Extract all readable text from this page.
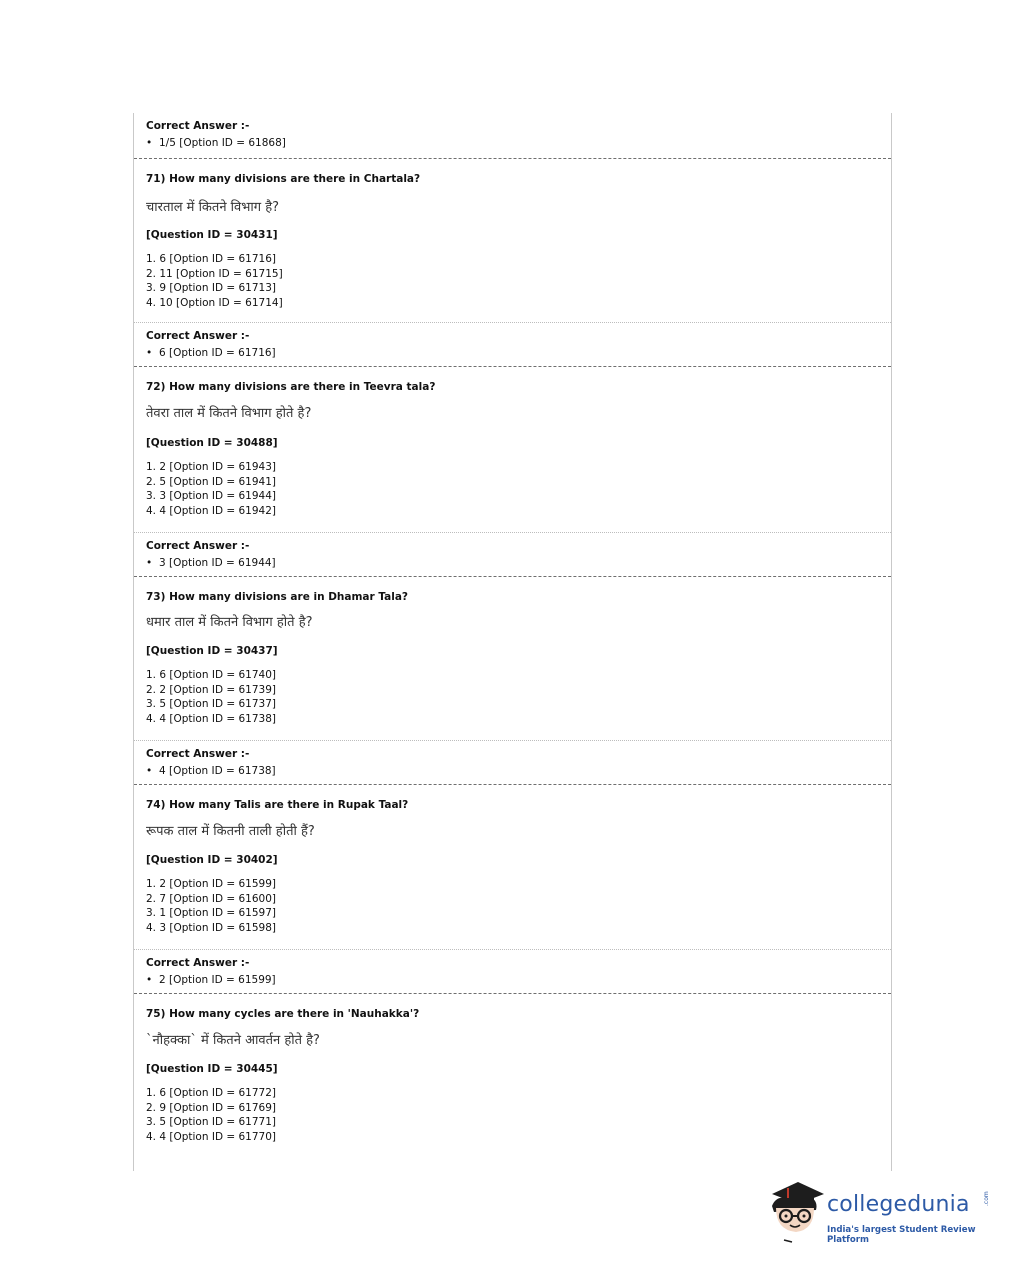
Correct Answer :-
• 1/5 [Option ID = 61868]
71) How many divisions are there in Chartala?
चारताल में कितने विभाग है?
[Question ID = 30431]
1. 6 [Option ID = 61716]
2. 11 [Option ID = 61715]
3. 9 [Option ID = 61713]
4. 10 [Option ID = 61714]
Correct Answer :-
• 6 [Option ID = 61716]
72) How many divisions are there in Teevra tala?
तेवरा ताल में कितने विभाग होते है?
[Question ID = 30488]
1. 2 [Option ID = 61943]
2. 5 [Option ID = 61941]
3. 3 [Option ID = 61944]
4. 4 [Option ID = 61942]
Correct Answer :-
• 3 [Option ID = 61944]
73) How many divisions are in Dhamar Tala?
धमार ताल में कितने विभाग होते है?
[Question ID = 30437]
1. 6 [Option ID = 61740]
2. 2 [Option ID = 61739]
3. 5 [Option ID = 61737]
4. 4 [Option ID = 61738]
Correct Answer :-
• 4 [Option ID = 61738]
74) How many Talis are there in Rupak Taal?
रूपक ताल में कितनी ताली होती हैं?
[Question ID = 30402]
1. 2 [Option ID = 61599]
2. 7 [Option ID = 61600]
3. 1 [Option ID = 61597]
4. 3 [Option ID = 61598]
Correct Answer :-
• 2 [Option ID = 61599]
75) How many cycles are there in 'Nauhakka'?
`नौहक्का` में कितने आवर्तन होते है?
[Question ID = 30445]
1. 6 [Option ID = 61772]
2. 9 [Option ID = 61769]
3. 5 [Option ID = 61771]
4. 4 [Option ID = 61770]
collegedunia .com
India's largest Student Review Platform
